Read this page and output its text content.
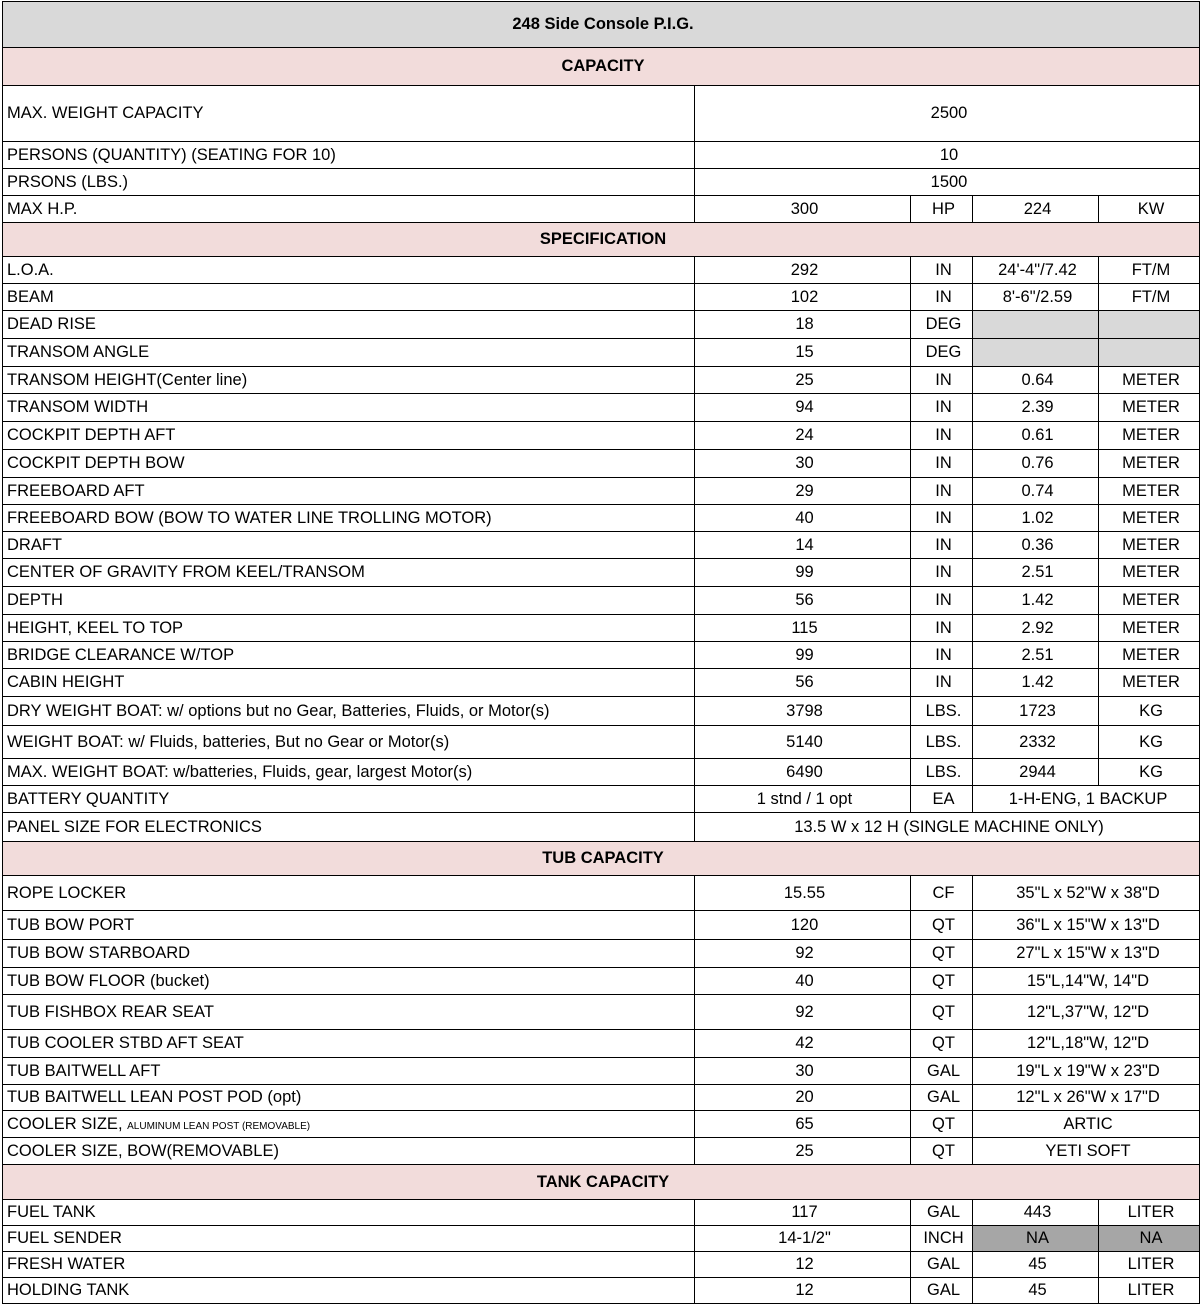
248 Side Console P.I.G.				
CAPACITY				
MAX. WEIGHT CAPACITY	2500			
PERSONS (QUANTITY) (SEATING FOR 10)	10			
PRSONS (LBS.)	1500			
MAX H.P.	300	HP	224	KW
SPECIFICATION				
L.O.A.	292	IN	24'-4"/7.42	FT/M
BEAM	102	IN	8'-6"/2.59	FT/M
DEAD RISE	18	DEG		
TRANSOM ANGLE	15	DEG		
TRANSOM HEIGHT(Center line)	25	IN	0.64	METER
TRANSOM WIDTH	94	IN	2.39	METER
COCKPIT DEPTH AFT	24	IN	0.61	METER
COCKPIT DEPTH BOW	30	IN	0.76	METER
FREEBOARD AFT	29	IN	0.74	METER
FREEBOARD BOW (BOW TO WATER LINE TROLLING MOTOR)	40	IN	1.02	METER
DRAFT	14	IN	0.36	METER
CENTER OF GRAVITY FROM KEEL/TRANSOM	99	IN	2.51	METER
DEPTH	56	IN	1.42	METER
HEIGHT, KEEL TO TOP	115	IN	2.92	METER
BRIDGE CLEARANCE W/TOP	99	IN	2.51	METER
CABIN HEIGHT	56	IN	1.42	METER
DRY WEIGHT BOAT: w/ options but no Gear, Batteries, Fluids, or Motor(s)	3798	LBS.	1723	KG
WEIGHT BOAT: w/ Fluids, batteries, But no Gear or Motor(s)	5140	LBS.	2332	KG
MAX. WEIGHT BOAT: w/batteries, Fluids, gear, largest Motor(s)	6490	LBS.	2944	KG
BATTERY QUANTITY	1 stnd / 1 opt	EA	1-H-ENG, 1 BACKUP	
PANEL SIZE FOR ELECTRONICS	13.5 W x 12 H (SINGLE MACHINE ONLY)			
TUB CAPACITY				
ROPE LOCKER	15.55	CF	35"L x 52"W x 38"D	
TUB BOW PORT	120	QT	36"L x 15"W x 13"D	
TUB BOW STARBOARD	92	QT	27"L x 15"W x 13"D	
TUB BOW FLOOR (bucket)	40	QT	15"L,14"W, 14"D	
TUB FISHBOX REAR SEAT	92	QT	12"L,37"W, 12"D	
TUB COOLER STBD AFT SEAT	42	QT	12"L,18"W, 12"D	
TUB BAITWELL AFT	30	GAL	19"L x 19"W x 23"D	
TUB BAITWELL LEAN POST POD (opt)	20	GAL	12"L x 26"W x 17"D	
COOLER SIZE, ALUMINUM LEAN POST (REMOVABLE)	65	QT	ARTIC	
COOLER SIZE, BOW(REMOVABLE)	25	QT	YETI SOFT	
TANK CAPACITY				
FUEL TANK	117	GAL	443	LITER
FUEL SENDER	14-1/2"	INCH	NA	NA
FRESH WATER	12	GAL	45	LITER
HOLDING TANK	12	GAL	45	LITER
